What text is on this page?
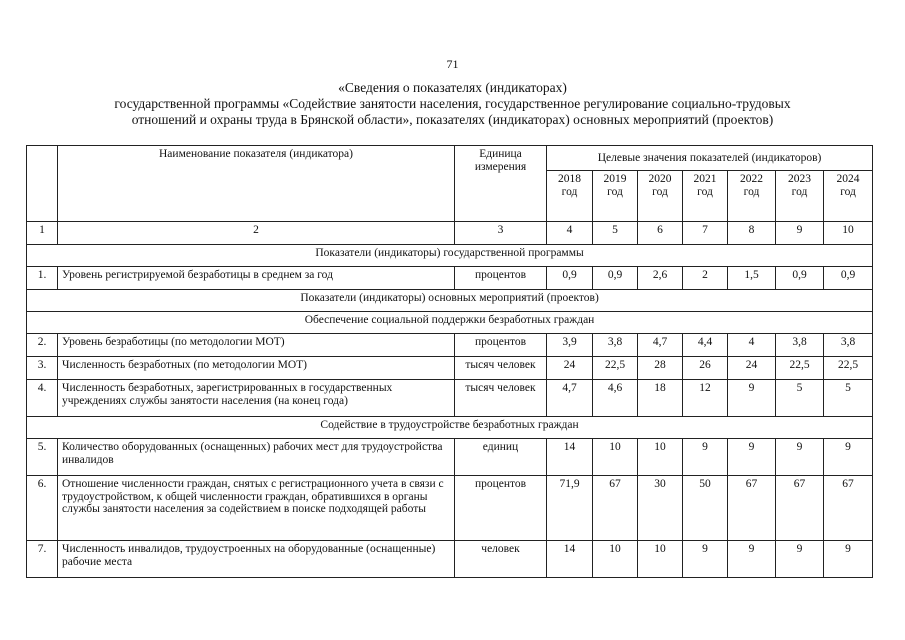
71
«Сведения о показателях (индикаторах)
государственной программы «Содействие занятости населения, государственное регулирование социально-трудовых
отношений и охраны труда в Брянской области», показателях (индикаторах) основных мероприятий (проектов)
	Наименование показателя (индикатора)	Единица измерения	Целевые значения показателей (индикаторов)						
			2018 год	2019 год	2020 год	2021 год	2022 год	2023 год	2024 год
1	2	3	4	5	6	7	8	9	10
Показатели (индикаторы) государственной программы									
1.	Уровень регистрируемой безработицы в среднем за год	процентов	0,9	0,9	2,6	2	1,5	0,9	0,9
Показатели (индикаторы) основных мероприятий (проектов)									
Обеспечение социальной поддержки безработных граждан									
2.	Уровень безработицы (по методологии МОТ)	процентов	3,9	3,8	4,7	4,4	4	3,8	3,8
3.	Численность безработных (по методологии МОТ)	тысяч человек	24	22,5	28	26	24	22,5	22,5
4.	Численность безработных, зарегистрированных в государственных учреждениях службы занятости населения (на конец года)	тысяч человек	4,7	4,6	18	12	9	5	5
Содействие в трудоустройстве безработных граждан									
5.	Количество оборудованных (оснащенных) рабочих мест для трудоустройства инвалидов	единиц	14	10	10	9	9	9	9
6.	Отношение численности граждан, снятых с регистрационного учета в связи с трудоустройством, к общей численности граждан, обратившихся в органы службы занятости населения за содействием в поиске подходящей работы	процентов	71,9	67	30	50	67	67	67
7.	Численность инвалидов, трудоустроенных на оборудованные (оснащенные) рабочие места	человек	14	10	10	9	9	9	9
